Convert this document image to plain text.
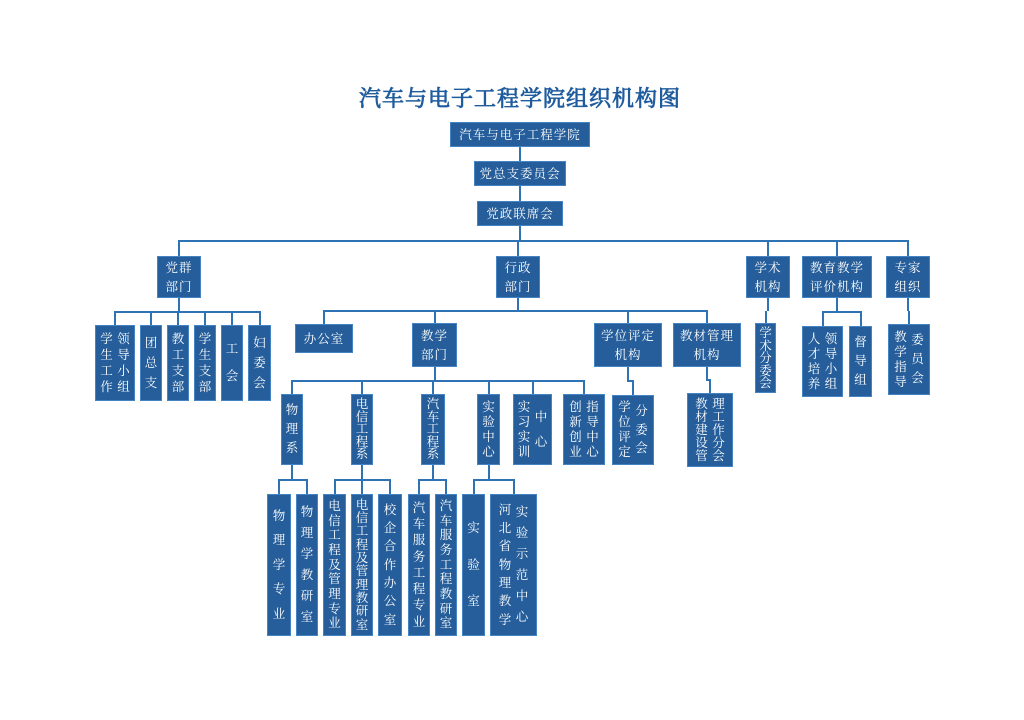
汽车与电子工程学院组织机构图
汽车与电子工程学院
党总支委员会
党政联席会
党群
部门
行政
部门
学术
机构
教育教学
评价机构
专家
组织
学
生
工
作
领
导
小
组
团
总
支
教
工
支
部
学
生
支
部
工
会
妇
委
会
办公室	教学
部门
学位评定
机构
教材管理
机构
物
理
系
电
信
工
程
系
汽
车
工
程
系
实
验
中
心
实
习
实
训
中
心
创
新
创
业
指
导
中
心
学
位
评
定
分
委
会
教
材
建
设
管
理
工
作
分
会
学
术
分
委
会
人
才
培
养
领
导
小
组
督
导
组
教
学
指
导
委
员
会
物
理
学
专
业
物
理
学
教
研
室
电
信
工
程
及
管
理
专
业
电
信
工
程
及
管
理
教
研
室
校
企
合
作
办
公
室
汽
车
服
务
工
程
专
业
汽
车
服
务
工
程
教
研
室
实
验
室
河
北
省
物
理
教
学
实
验
示
范
中
心
